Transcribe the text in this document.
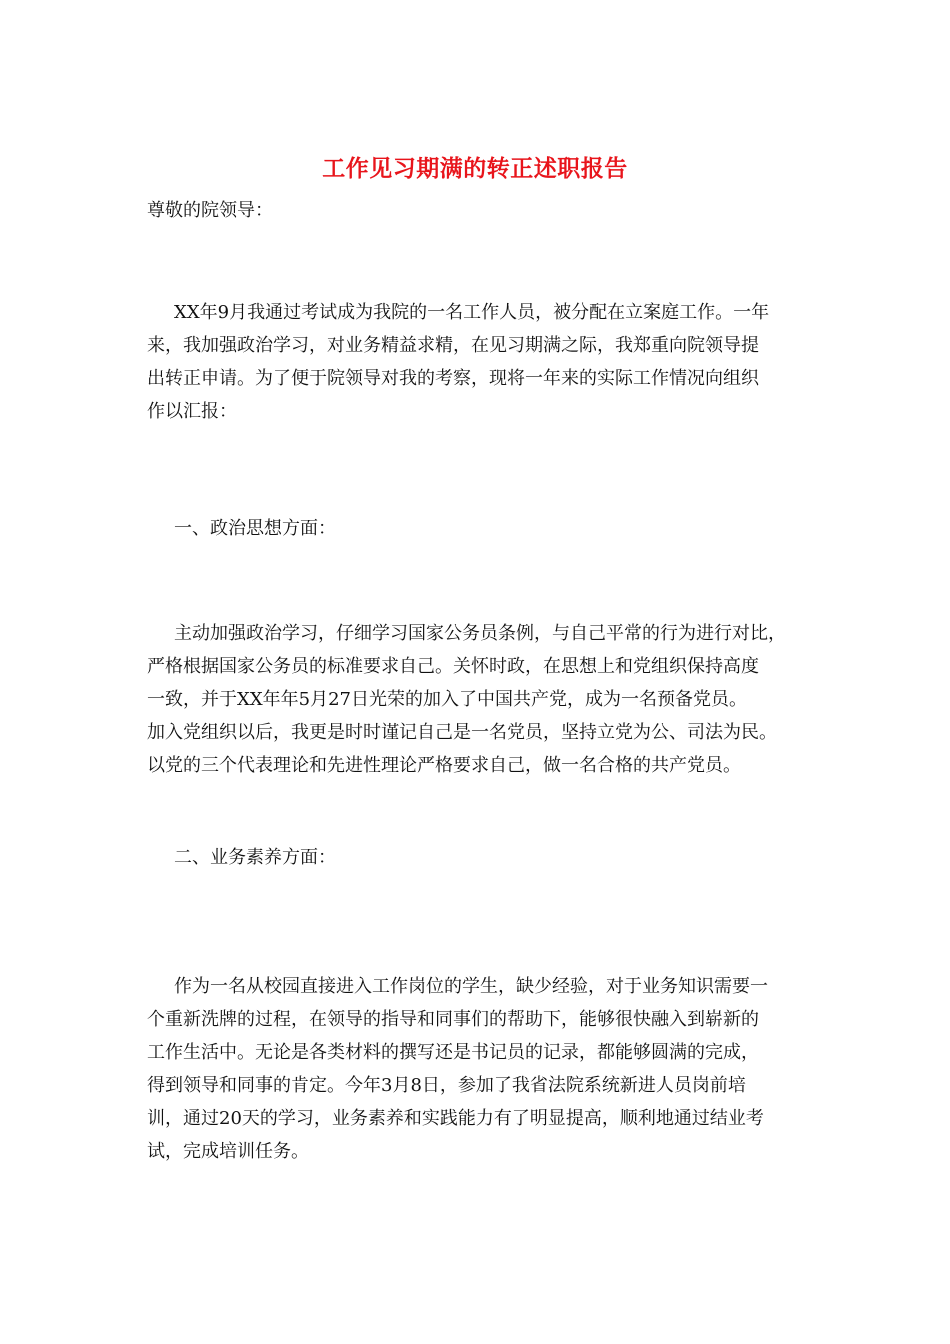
工作见习期满的转正述职报告
尊敬的院领导：
XX年9月我通过考试成为我院的一名工作人员，被分配在立案庭工作。一年
来，我加强政治学习，对业务精益求精，在见习期满之际，我郑重向院领导提
出转正申请。为了便于院领导对我的考察，现将一年来的实际工作情况向组织
作以汇报：
一、政治思想方面：
主动加强政治学习，仔细学习国家公务员条例，与自己平常的行为进行对比，
严格根据国家公务员的标准要求自己。关怀时政，在思想上和党组织保持高度
一致，并于XX年年5月27日光荣的加入了中国共产党，成为一名预备党员。
加入党组织以后，我更是时时谨记自己是一名党员，坚持立党为公、司法为民。
以党的三个代表理论和先进性理论严格要求自己，做一名合格的共产党员。
二、业务素养方面：
作为一名从校园直接进入工作岗位的学生，缺少经验，对于业务知识需要一
个重新洗牌的过程，在领导的指导和同事们的帮助下，能够很快融入到崭新的
工作生活中。无论是各类材料的撰写还是书记员的记录，都能够圆满的完成，
得到领导和同事的肯定。今年3月8日，参加了我省法院系统新进人员岗前培
训，通过20天的学习，业务素养和实践能力有了明显提高，顺利地通过结业考
试，完成培训任务。
